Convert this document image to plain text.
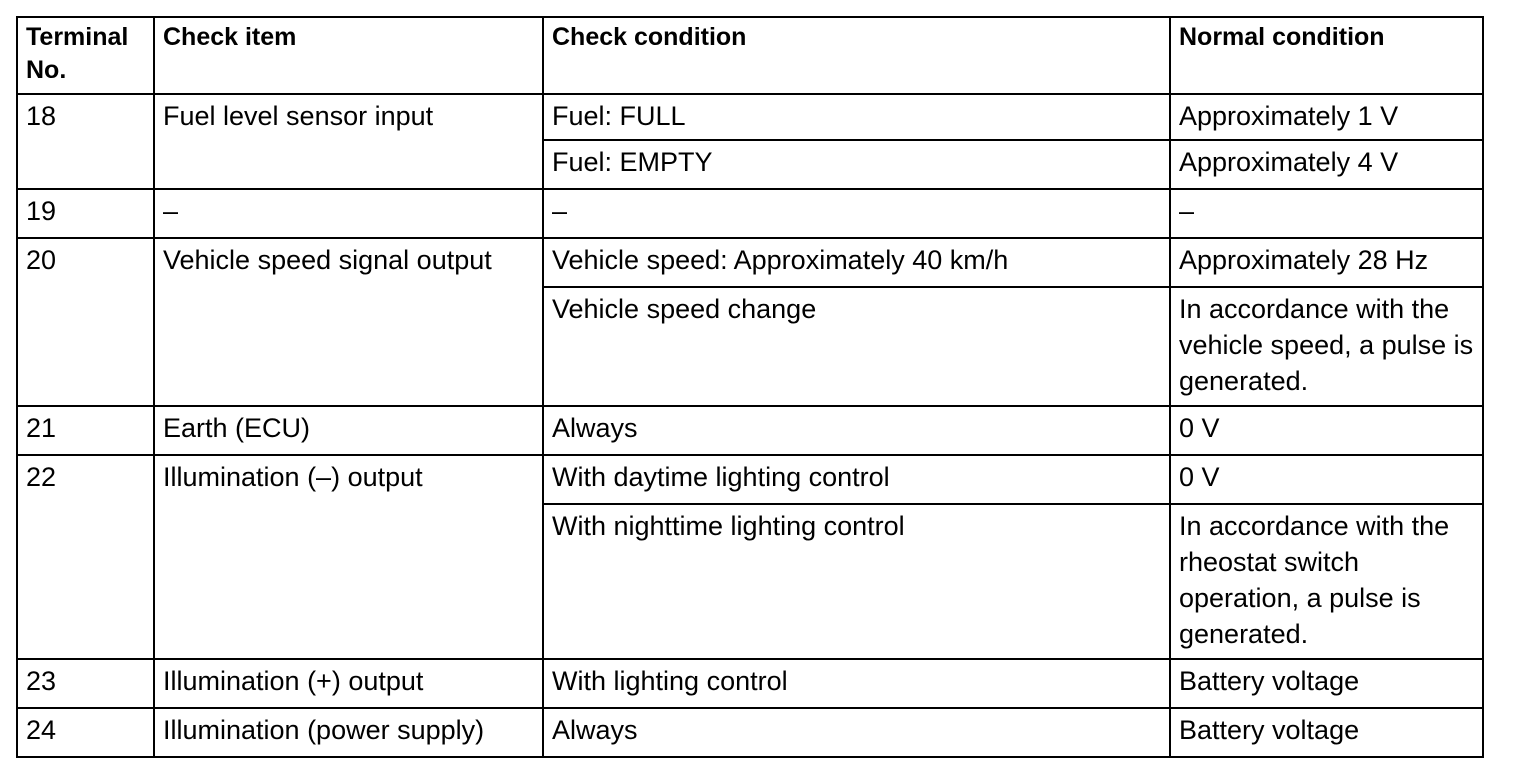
Terminal No.	Check item	Check condition	Normal condition
18	Fuel level sensor input	Fuel: FULL	Approximately 1 V
		Fuel: EMPTY	Approximately 4 V
19	–	–	–
20	Vehicle speed signal output	Vehicle speed: Approximately 40 km/h	Approximately 28 Hz
		Vehicle speed change	In accordance with the vehicle speed, a pulse is generated.
21	Earth (ECU)	Always	0 V
22	Illumination (–) output	With daytime lighting control	0 V
		With nighttime lighting control	In accordance with the rheostat switch operation, a pulse is generated.
23	Illumination (+) output	With lighting control	Battery voltage
24	Illumination (power supply)	Always	Battery voltage
